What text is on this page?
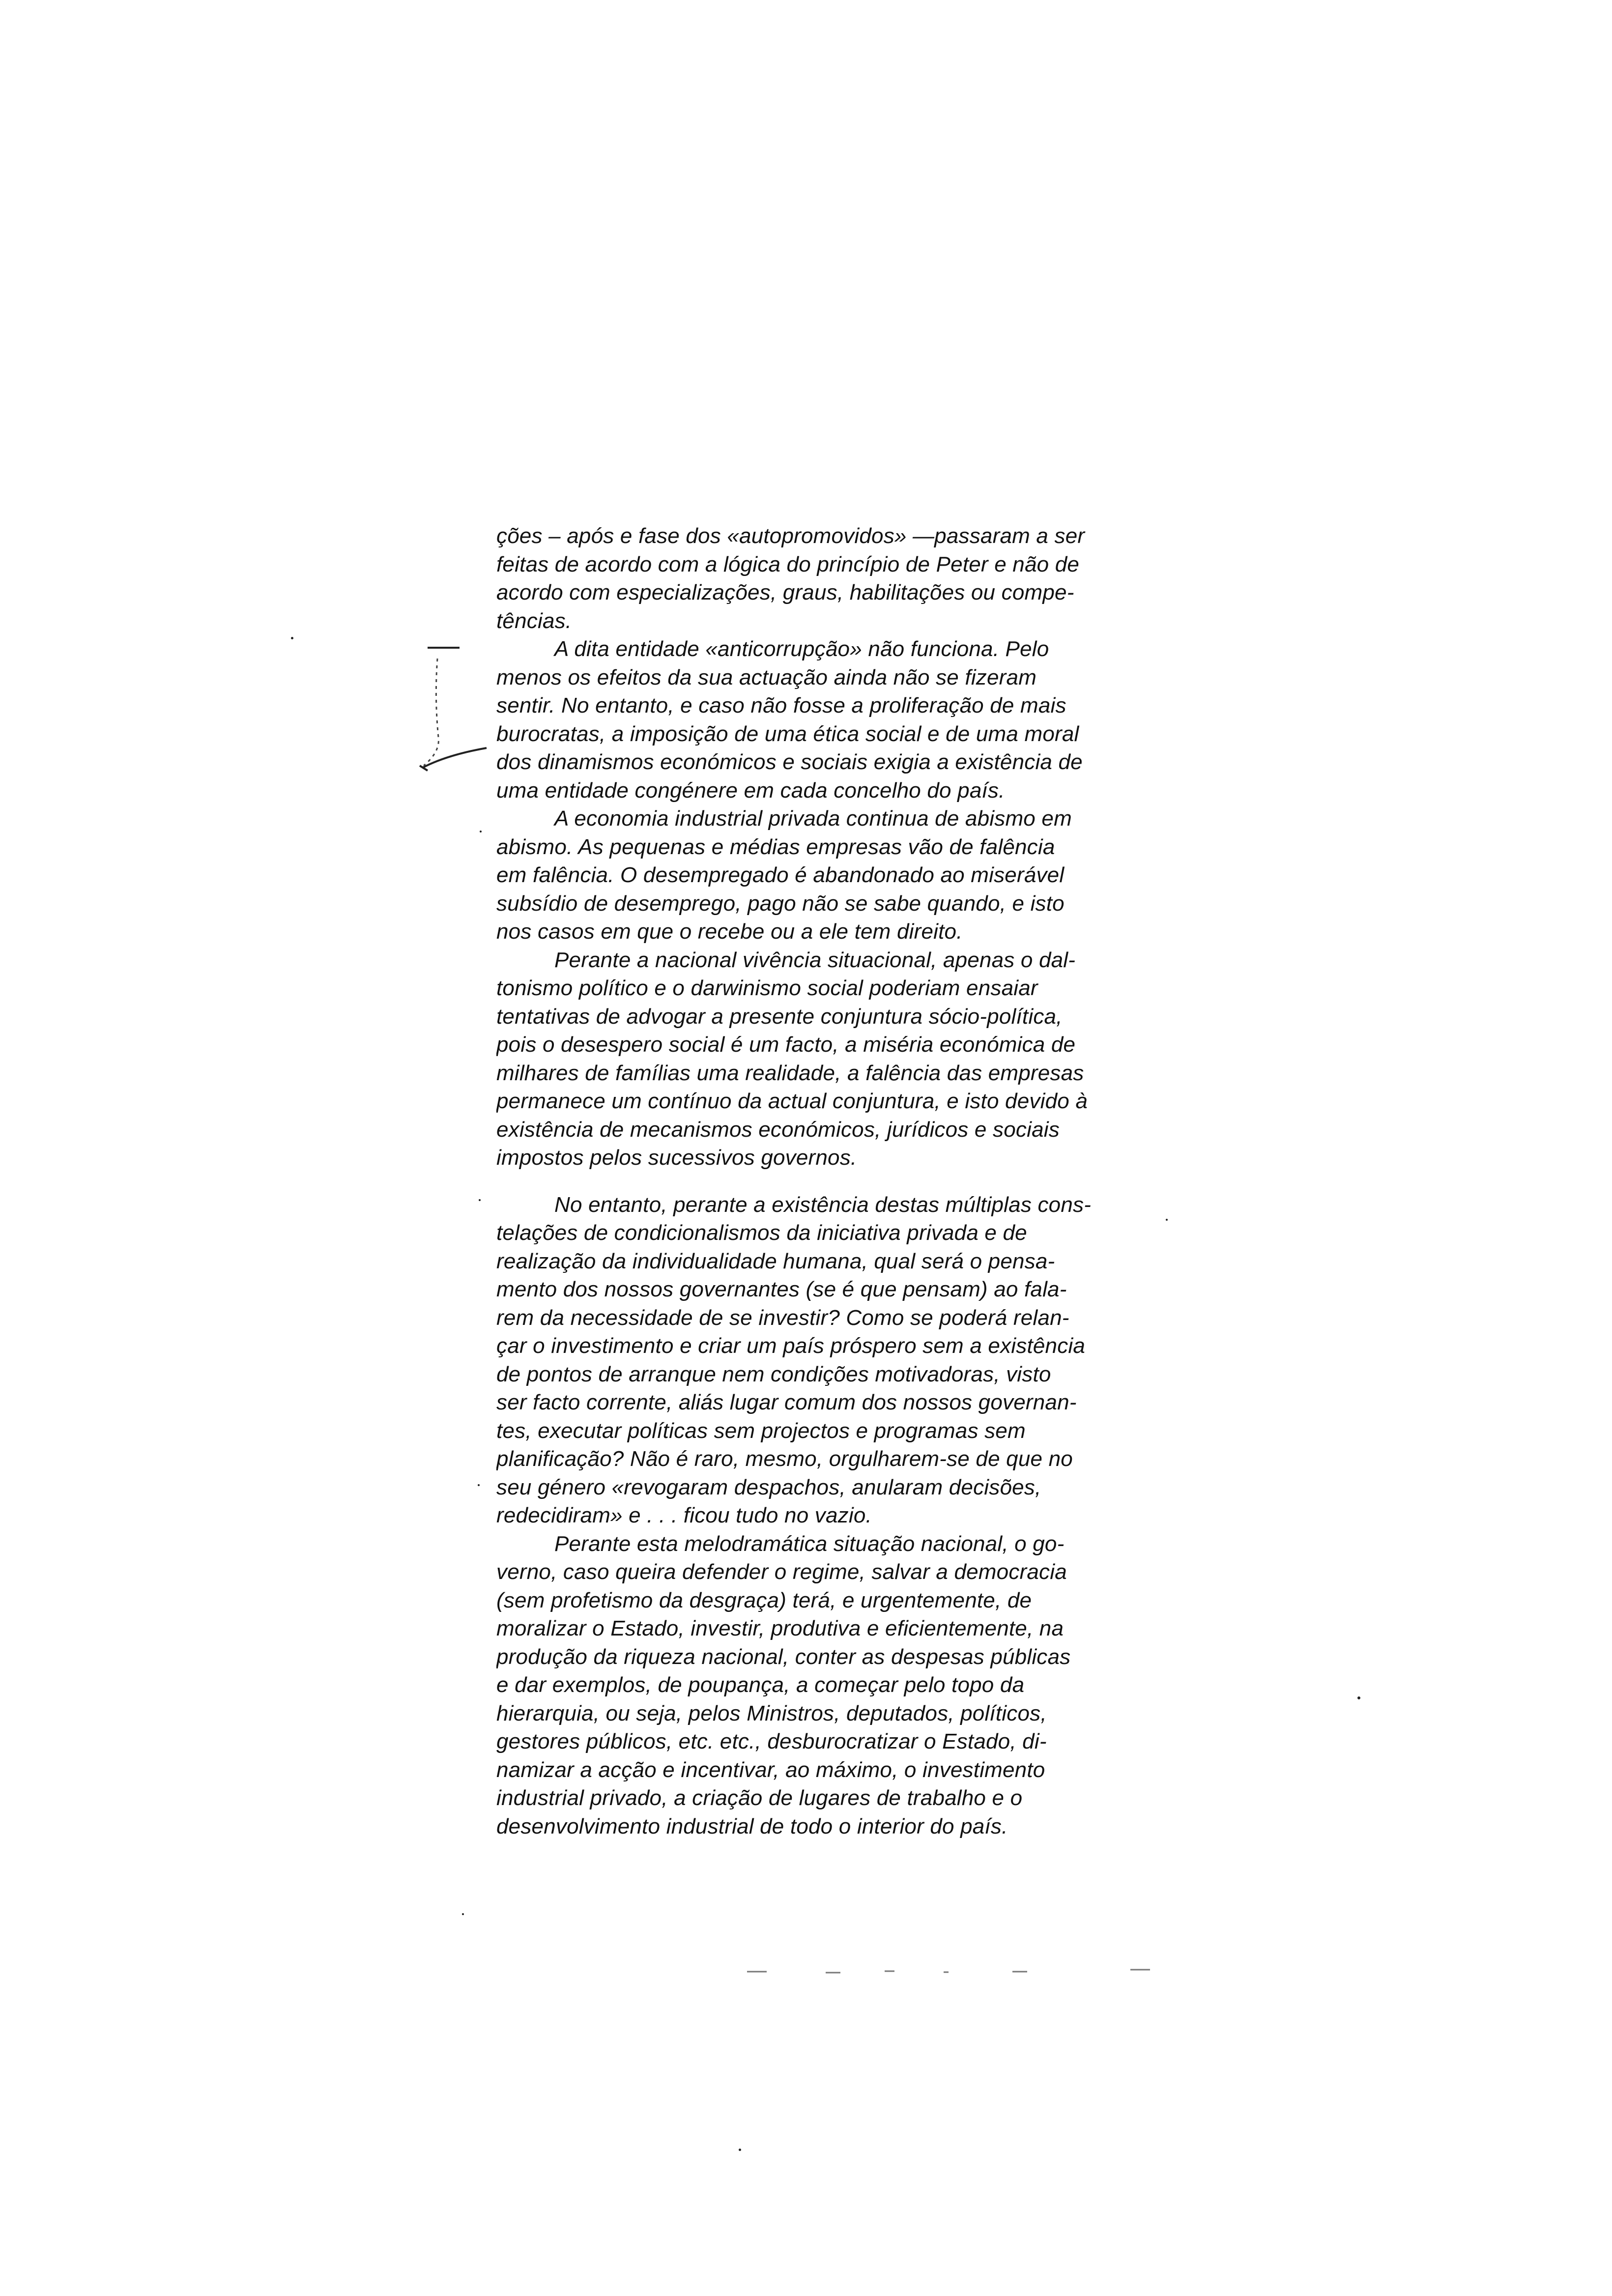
ções – após e fase dos «autopromovidos» —passaram a ser
feitas de acordo com a lógica do princípio de Peter e não de
acordo com especializações, graus, habilitações ou compe-
tências.
A dita entidade «anticorrupção» não funciona. Pelo
menos os efeitos da sua actuação ainda não se fizeram
sentir. No entanto, e caso não fosse a proliferação de mais
burocratas, a imposição de uma ética social e de uma moral
dos dinamismos económicos e sociais exigia a existência de
uma entidade congénere em cada concelho do país.
A economia industrial privada continua de abismo em
abismo. As pequenas e médias empresas vão de falência
em falência. O desempregado é abandonado ao miserável
subsídio de desemprego, pago não se sabe quando, e isto
nos casos em que o recebe ou a ele tem direito.
Perante a nacional vivência situacional, apenas o dal-
tonismo político e o darwinismo social poderiam ensaiar
tentativas de advogar a presente conjuntura sócio-política,
pois o desespero social é um facto, a miséria económica de
milhares de famílias uma realidade, a falência das empresas
permanece um contínuo da actual conjuntura, e isto devido à
existência de mecanismos económicos, jurídicos e sociais
impostos pelos sucessivos governos.
No entanto, perante a existência destas múltiplas cons-
telações de condicionalismos da iniciativa privada e de
realização da individualidade humana, qual será o pensa-
mento dos nossos governantes (se é que pensam) ao fala-
rem da necessidade de se investir? Como se poderá relan-
çar o investimento e criar um país próspero sem a existência
de pontos de arranque nem condições motivadoras, visto
ser facto corrente, aliás lugar comum dos nossos governan-
tes, executar políticas sem projectos e programas sem
planificação? Não é raro, mesmo, orgulharem-se de que no
seu género «revogaram despachos, anularam decisões,
redecidiram» e . . . ficou tudo no vazio.
Perante esta melodramática situação nacional, o go-
verno, caso queira defender o regime, salvar a democracia
(sem profetismo da desgraça) terá, e urgentemente, de
moralizar o Estado, investir, produtiva e eficientemente, na
produção da riqueza nacional, conter as despesas públicas
e dar exemplos, de poupança, a começar pelo topo da
hierarquia, ou seja, pelos Ministros, deputados, políticos,
gestores públicos, etc. etc., desburocratizar o Estado, di-
namizar a acção e incentivar, ao máximo, o investimento
industrial privado, a criação de lugares de trabalho e o
desenvolvimento industrial de todo o interior do país.
